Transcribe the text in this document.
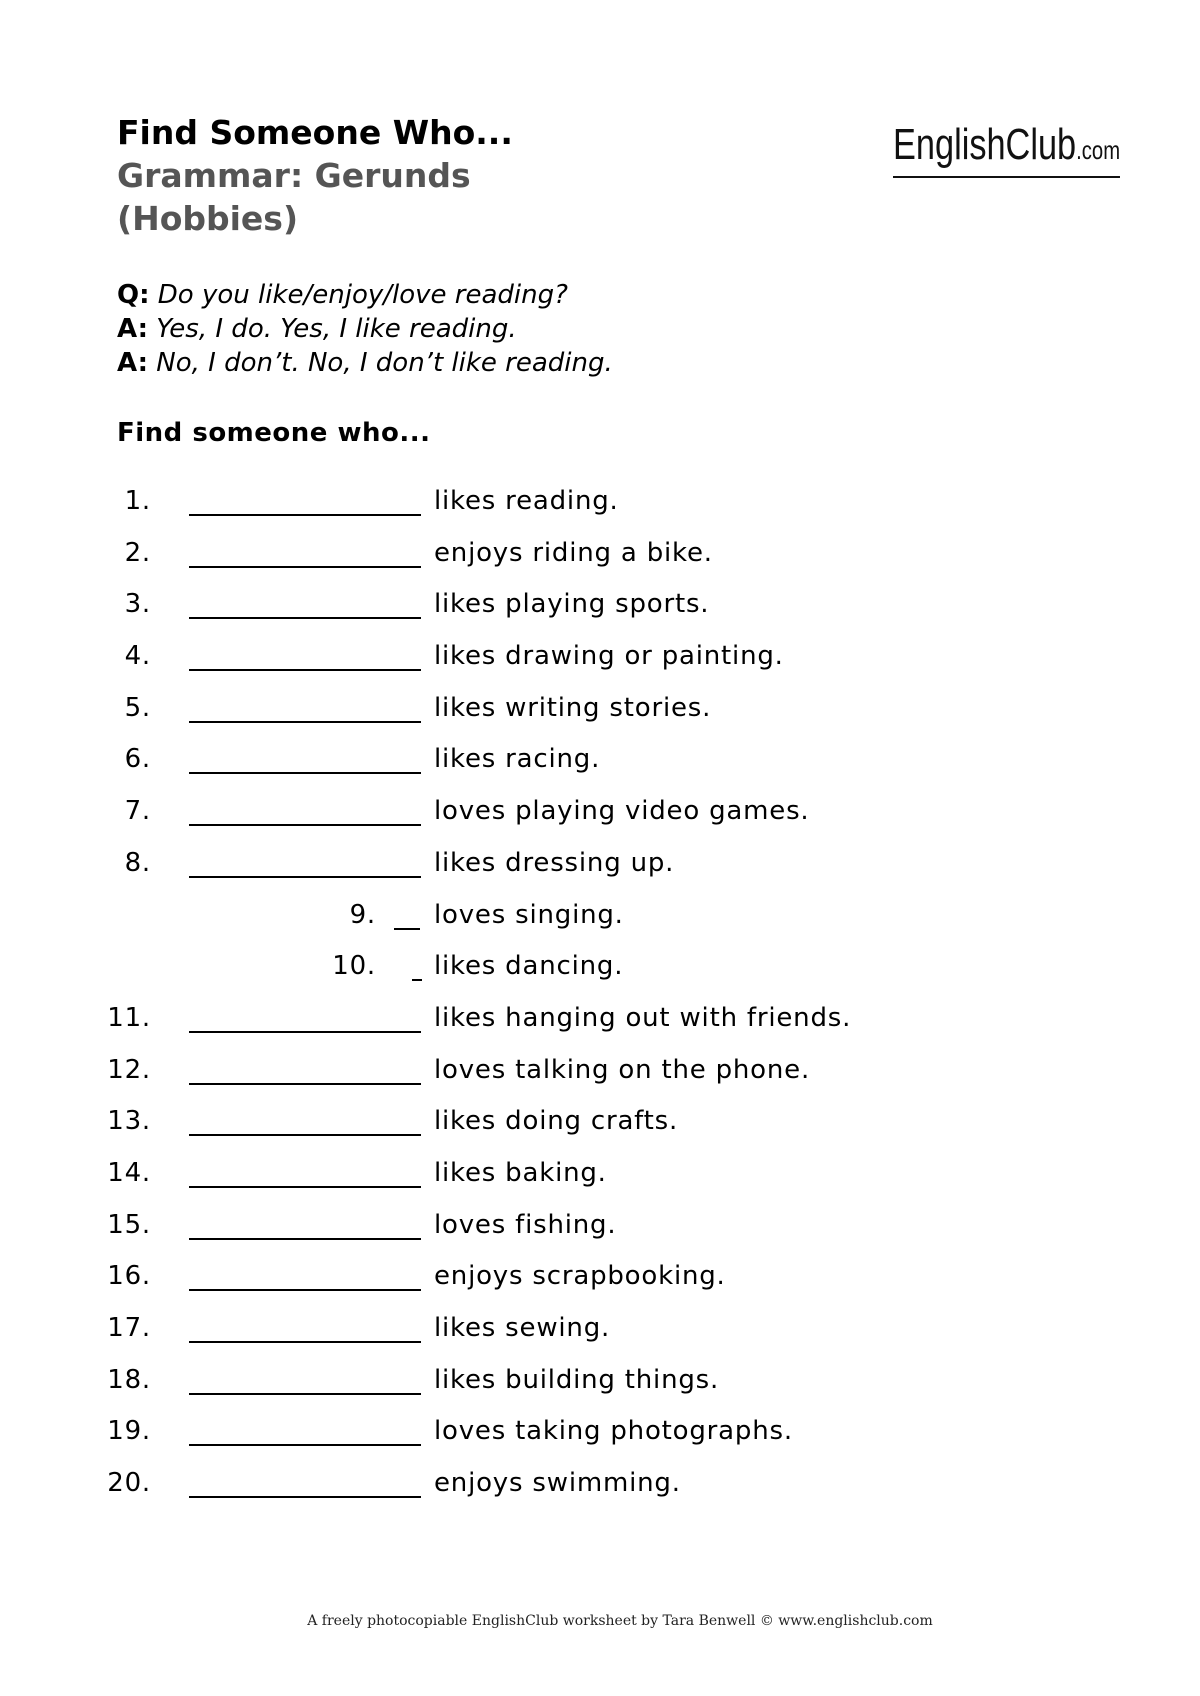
Find Someone Who...
Grammar: Gerunds (Hobbies)
EnglishClub.com
Q: Do you like/enjoy/love reading?
A: Yes, I do. Yes, I like reading.
A: No, I don’t. No, I don’t like reading.
Find someone who...
1.	likes reading.
2.	enjoys riding a bike.
3.	likes playing sports.
4.	likes drawing or painting.
5.	likes writing stories.
6.	likes racing.
7.	loves playing video games.
8.	likes dressing up.
9. loves singing.
10. likes dancing.
11.	likes hanging out with friends.
12.	loves talking on the phone.
13.	likes doing crafts.
14.	likes baking.
15.	loves fishing.
16.	enjoys scrapbooking.
17.	likes sewing.
18.	likes building things.
19.	loves taking photographs.
20.	enjoys swimming.
A freely photocopiable EnglishClub worksheet by Tara Benwell © www.englishclub.com
